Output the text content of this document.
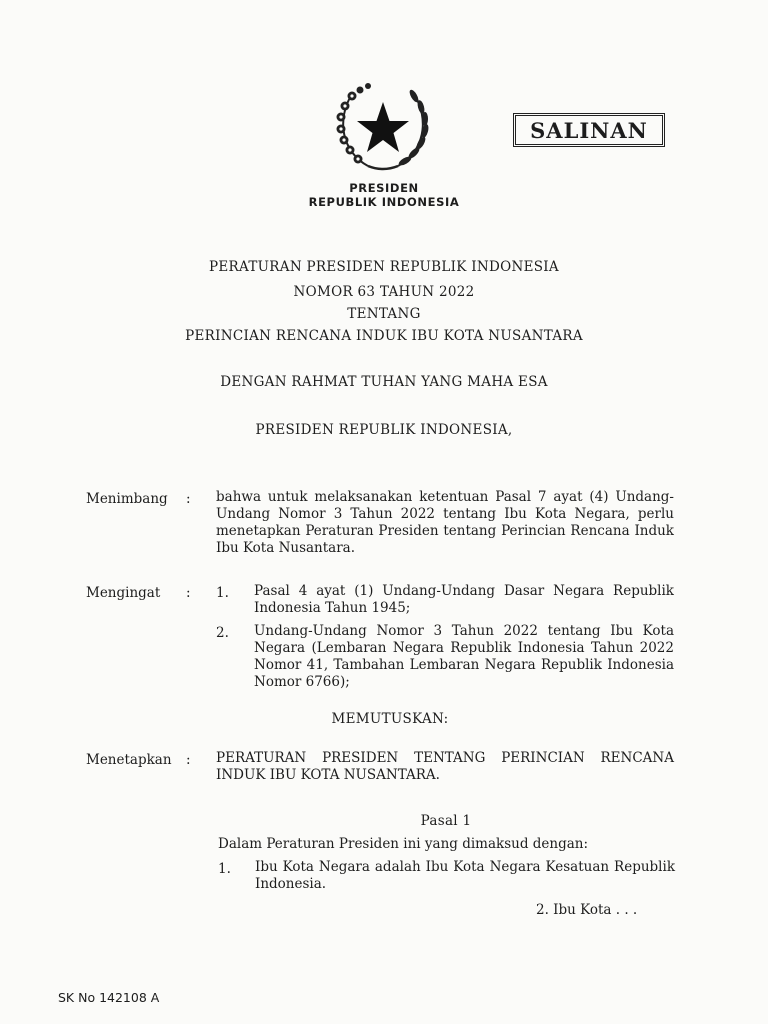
SALINAN
PRESIDEN
REPUBLIK INDONESIA
PERATURAN PRESIDEN REPUBLIK INDONESIA
NOMOR 63 TAHUN 2022
TENTANG
PERINCIAN RENCANA INDUK IBU KOTA NUSANTARA
DENGAN RAHMAT TUHAN YANG MAHA ESA
PRESIDEN REPUBLIK INDONESIA,
Menimbang : bahwa untuk melaksanakan ketentuan Pasal 7 ayat (4) Undang-Undang Nomor 3 Tahun 2022 tentang Ibu Kota Negara, perlu menetapkan Peraturan Presiden tentang Perincian Rencana Induk Ibu Kota Nusantara.
Mengingat : 1. Pasal 4 ayat (1) Undang-Undang Dasar Negara Republik Indonesia Tahun 1945;
2. Undang-Undang Nomor 3 Tahun 2022 tentang Ibu Kota Negara (Lembaran Negara Republik Indonesia Tahun 2022 Nomor 41, Tambahan Lembaran Negara Republik Indonesia Nomor 6766);
MEMUTUSKAN:
Menetapkan : PERATURAN PRESIDEN TENTANG PERINCIAN RENCANA INDUK IBU KOTA NUSANTARA.
Pasal 1
Dalam Peraturan Presiden ini yang dimaksud dengan:
1. Ibu Kota Negara adalah Ibu Kota Negara Kesatuan Republik Indonesia.
2. Ibu Kota . . .
SK No 142108 A
